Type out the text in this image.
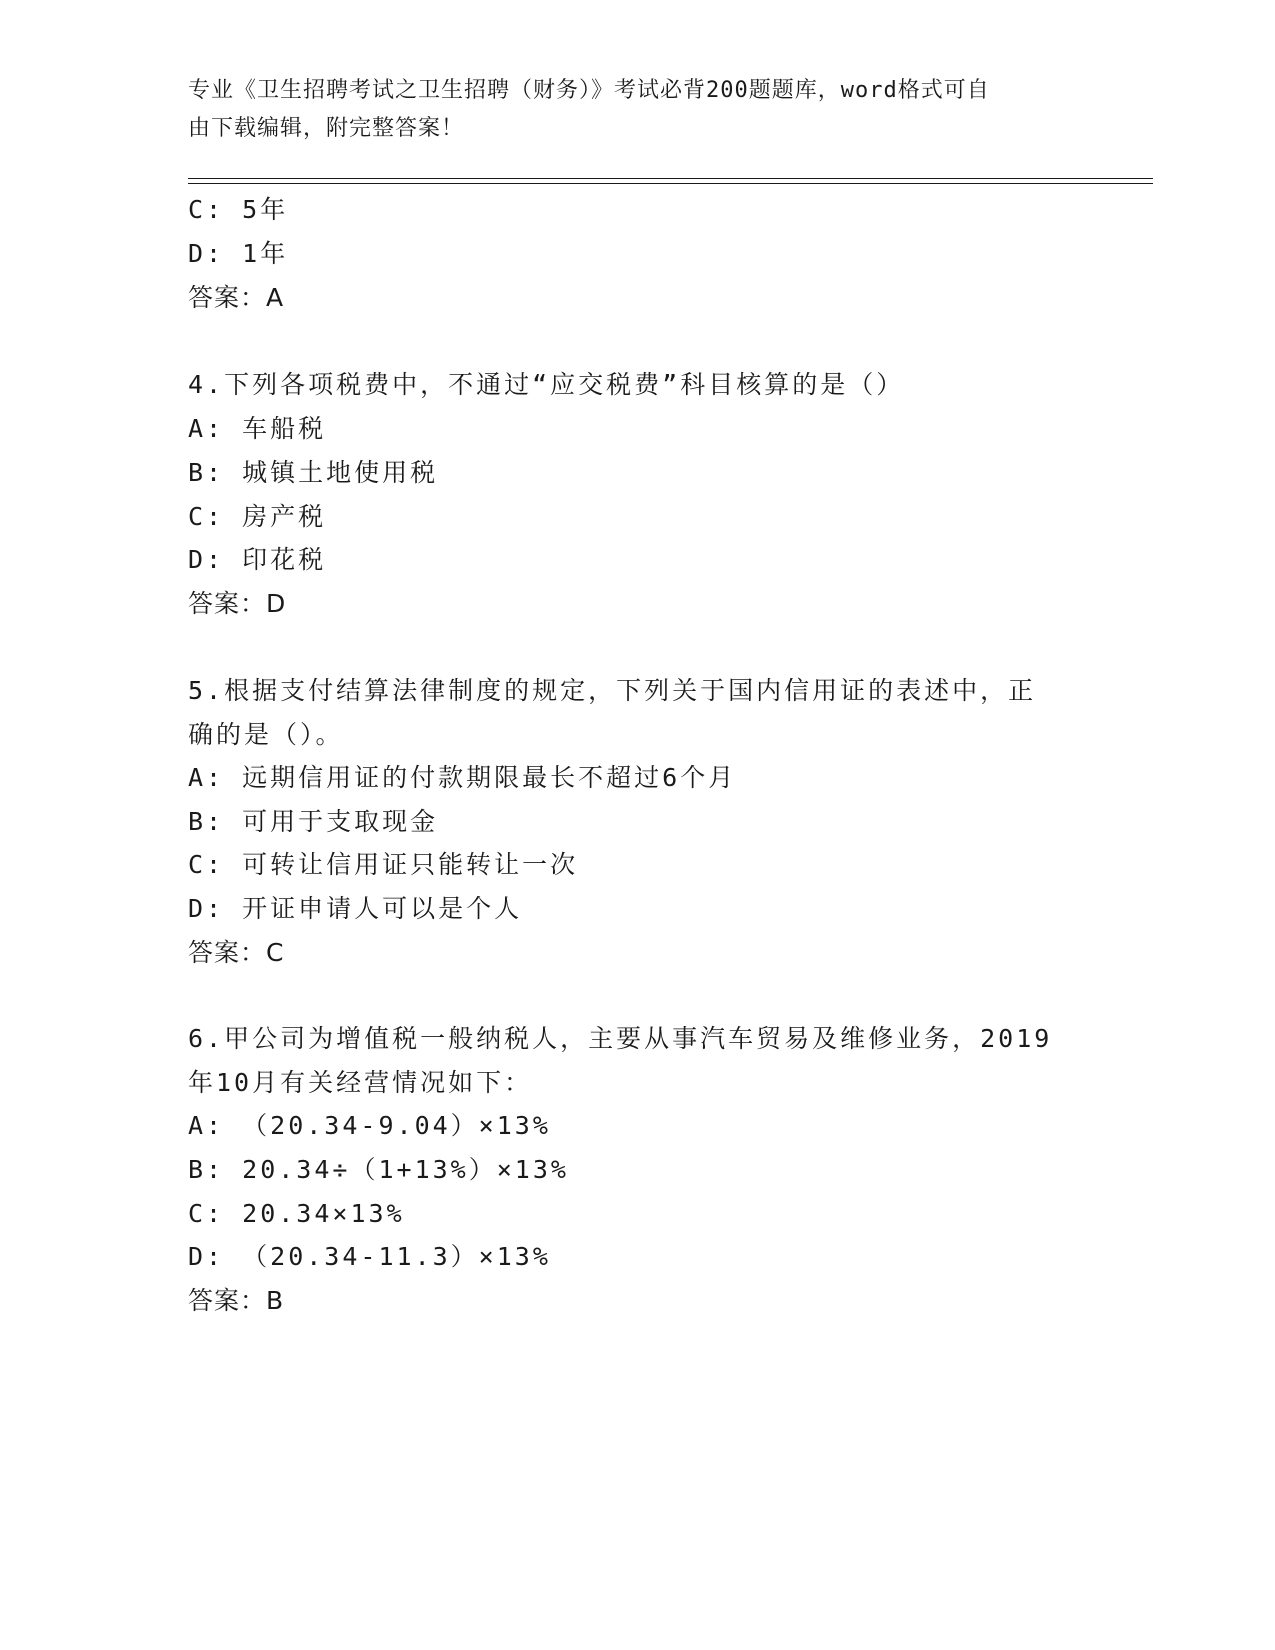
专业《卫生招聘考试之卫生招聘（财务）》考试必背200题题库，word格式可自
由下载编辑，附完整答案！
C: 5年
D: 1年
答案：A
4.下列各项税费中，不通过“应交税费”科目核算的是（）
A: 车船税
B: 城镇土地使用税
C: 房产税
D: 印花税
答案：D
5.根据支付结算法律制度的规定，下列关于国内信用证的表述中，正
确的是（）。
A: 远期信用证的付款期限最长不超过6个月
B: 可用于支取现金
C: 可转让信用证只能转让一次
D: 开证申请人可以是个人
答案：C
6.甲公司为增值税一般纳税人，主要从事汽车贸易及维修业务，2019
年10月有关经营情况如下：
A: （20.34-9.04）×13%
B: 20.34÷（1+13%）×13%
C: 20.34×13%
D: （20.34-11.3）×13%
答案：B
